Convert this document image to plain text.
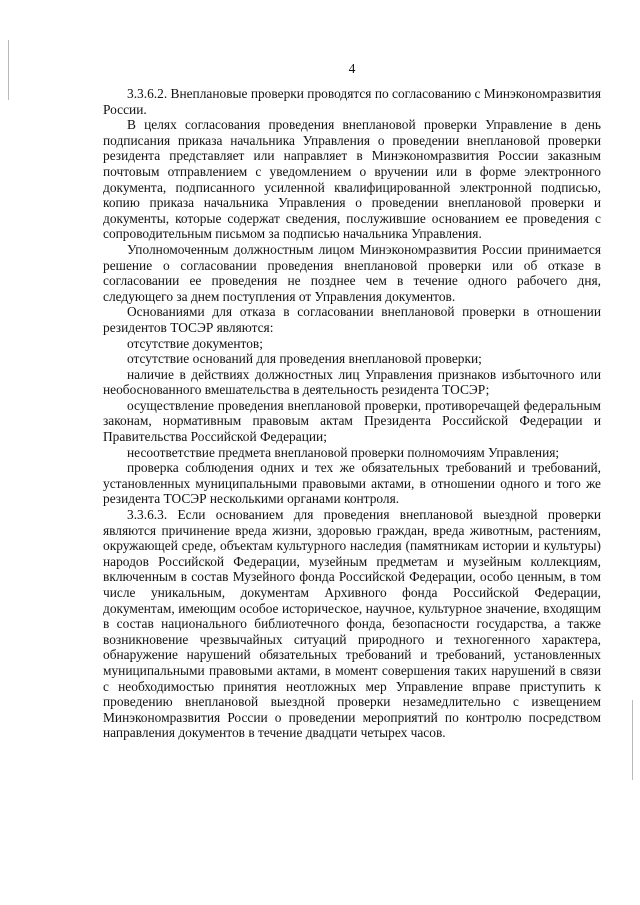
4

3.3.6.2. Внеплановые проверки проводятся по согласованию с Минэкономразвития России.

В целях согласования проведения внеплановой проверки Управление в день подписания приказа начальника Управления о проведении внеплановой проверки резидента представляет или направляет в Минэкономразвития России заказным почтовым отправлением с уведомлением о вручении или в форме электронного документа, подписанного усиленной квалифицированной электронной подписью, копию приказа начальника Управления о проведении внеплановой проверки и документы, которые содержат сведения, послужившие основанием ее проведения с сопроводительным письмом за подписью начальника Управления.

Уполномоченным должностным лицом Минэкономразвития России принимается решение о согласовании проведения внеплановой проверки или об отказе в согласовании ее проведения не позднее чем в течение одного рабочего дня, следующего за днем поступления от Управления документов.

Основаниями для отказа в согласовании внеплановой проверки в отношении резидентов ТОСЭР являются:

отсутствие документов;

отсутствие оснований для проведения внеплановой проверки;

наличие в действиях должностных лиц Управления признаков избыточного или необоснованного вмешательства в деятельность резидента ТОСЭР;

осуществление проведения внеплановой проверки, противоречащей федеральным законам, нормативным правовым актам Президента Российской Федерации и Правительства Российской Федерации;

несоответствие предмета внеплановой проверки полномочиям Управления;

проверка соблюдения одних и тех же обязательных требований и требований, установленных муниципальными правовыми актами, в отношении одного и того же резидента ТОСЭР несколькими органами контроля.

3.3.6.3. Если основанием для проведения внеплановой выездной проверки являются причинение вреда жизни, здоровью граждан, вреда животным, растениям, окружающей среде, объектам культурного наследия (памятникам истории и культуры) народов Российской Федерации, музейным предметам и музейным коллекциям, включенным в состав Музейного фонда Российской Федерации, особо ценным, в том числе уникальным, документам Архивного фонда Российской Федерации, документам, имеющим особое историческое, научное, культурное значение, входящим в состав национального библиотечного фонда, безопасности государства, а также возникновение чрезвычайных ситуаций природного и техногенного характера, обнаружение нарушений обязательных требований и требований, установленных муниципальными правовыми актами, в момент совершения таких нарушений в связи с необходимостью принятия неотложных мер Управление вправе приступить к проведению внеплановой выездной проверки незамедлительно с извещением Минэкономразвития России о проведении мероприятий по контролю посредством направления документов в течение двадцати четырех часов.
